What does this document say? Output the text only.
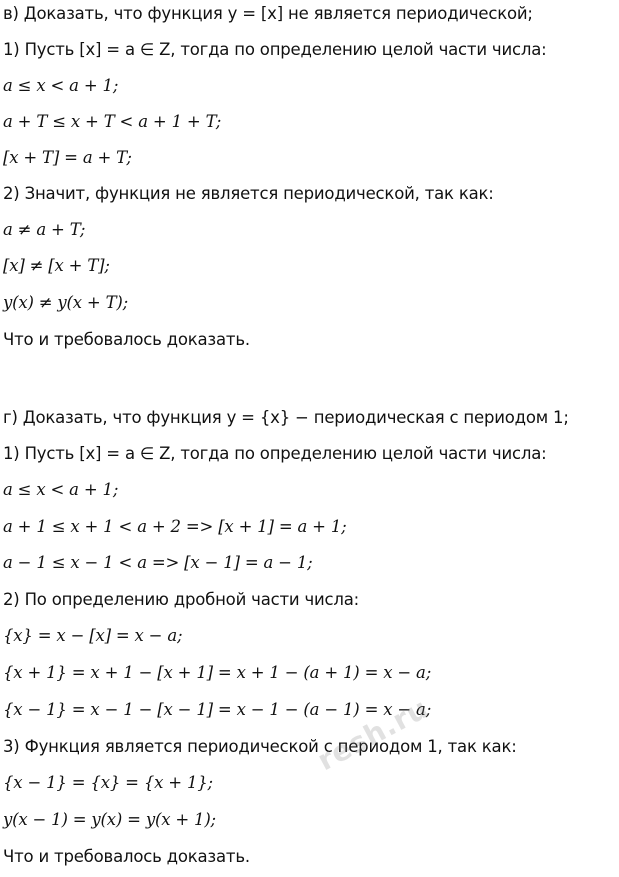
в) Доказать, что функция y = [x] не является периодической;
1) Пусть [x] = a ∈ Z, тогда по определению целой части числа:
a ≤ x < a + 1;
a + T ≤ x + T < a + 1 + T;
[x + T] = a + T;
2) Значит, функция не является периодической, так как:
a ≠ a + T;
[x] ≠ [x + T];
y(x) ≠ y(x + T);
Что и требовалось доказать.
г) Доказать, что функция y = {x} − периодическая с периодом 1;
1) Пусть [x] = a ∈ Z, тогда по определению целой части числа:
a ≤ x < a + 1;
a + 1 ≤ x + 1 < a + 2 => [x + 1] = a + 1;
a − 1 ≤ x − 1 < a => [x − 1] = a − 1;
2) По определению дробной части числа:
{x} = x − [x] = x − a;
{x + 1} = x + 1 − [x + 1] = x + 1 − (a + 1) = x − a;
{x − 1} = x − 1 − [x − 1] = x − 1 − (a − 1) = x − a;
3) Функция является периодической с периодом 1, так как:
{x − 1} = {x} = {x + 1};
y(x − 1) = y(x) = y(x + 1);
Что и требовалось доказать.
resh.ru
